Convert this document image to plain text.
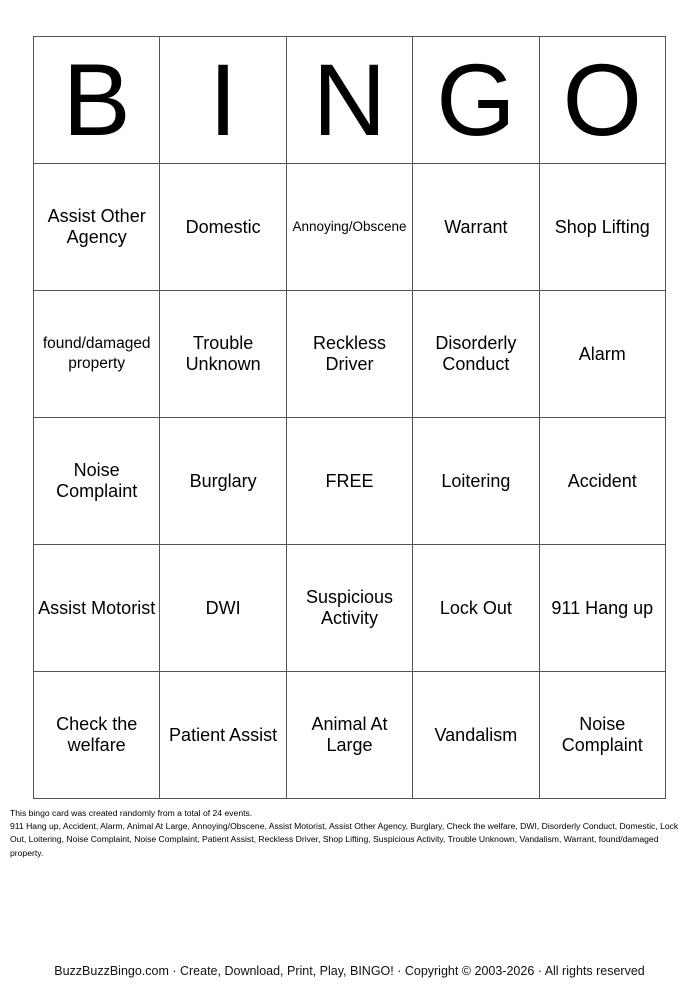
B	I	N	G	O
Assist Other Agency	Domestic	Annoying/Obscene	Warrant	Shop Lifting
found/damaged property	Trouble Unknown	Reckless Driver	Disorderly Conduct	Alarm
Noise Complaint	Burglary	FREE	Loitering	Accident
Assist Motorist	DWI	Suspicious Activity	Lock Out	911 Hang up
Check the welfare	Patient Assist	Animal At Large	Vandalism	Noise Complaint

This bingo card was created randomly from a total of 24 events.

911 Hang up, Accident, Alarm, Animal At Large, Annoying/Obscene, Assist Motorist, Assist Other Agency, Burglary, Check the welfare, DWI, Disorderly Conduct, Domestic, Lock Out, Loitering, Noise Complaint, Noise Complaint, Patient Assist, Reckless Driver, Shop Lifting, Suspicious Activity, Trouble Unknown, Vandalism, Warrant, found/damaged property.

BuzzBuzzBingo.com · Create, Download, Print, Play, BINGO! · Copyright © 2003-2026 · All rights reserved
